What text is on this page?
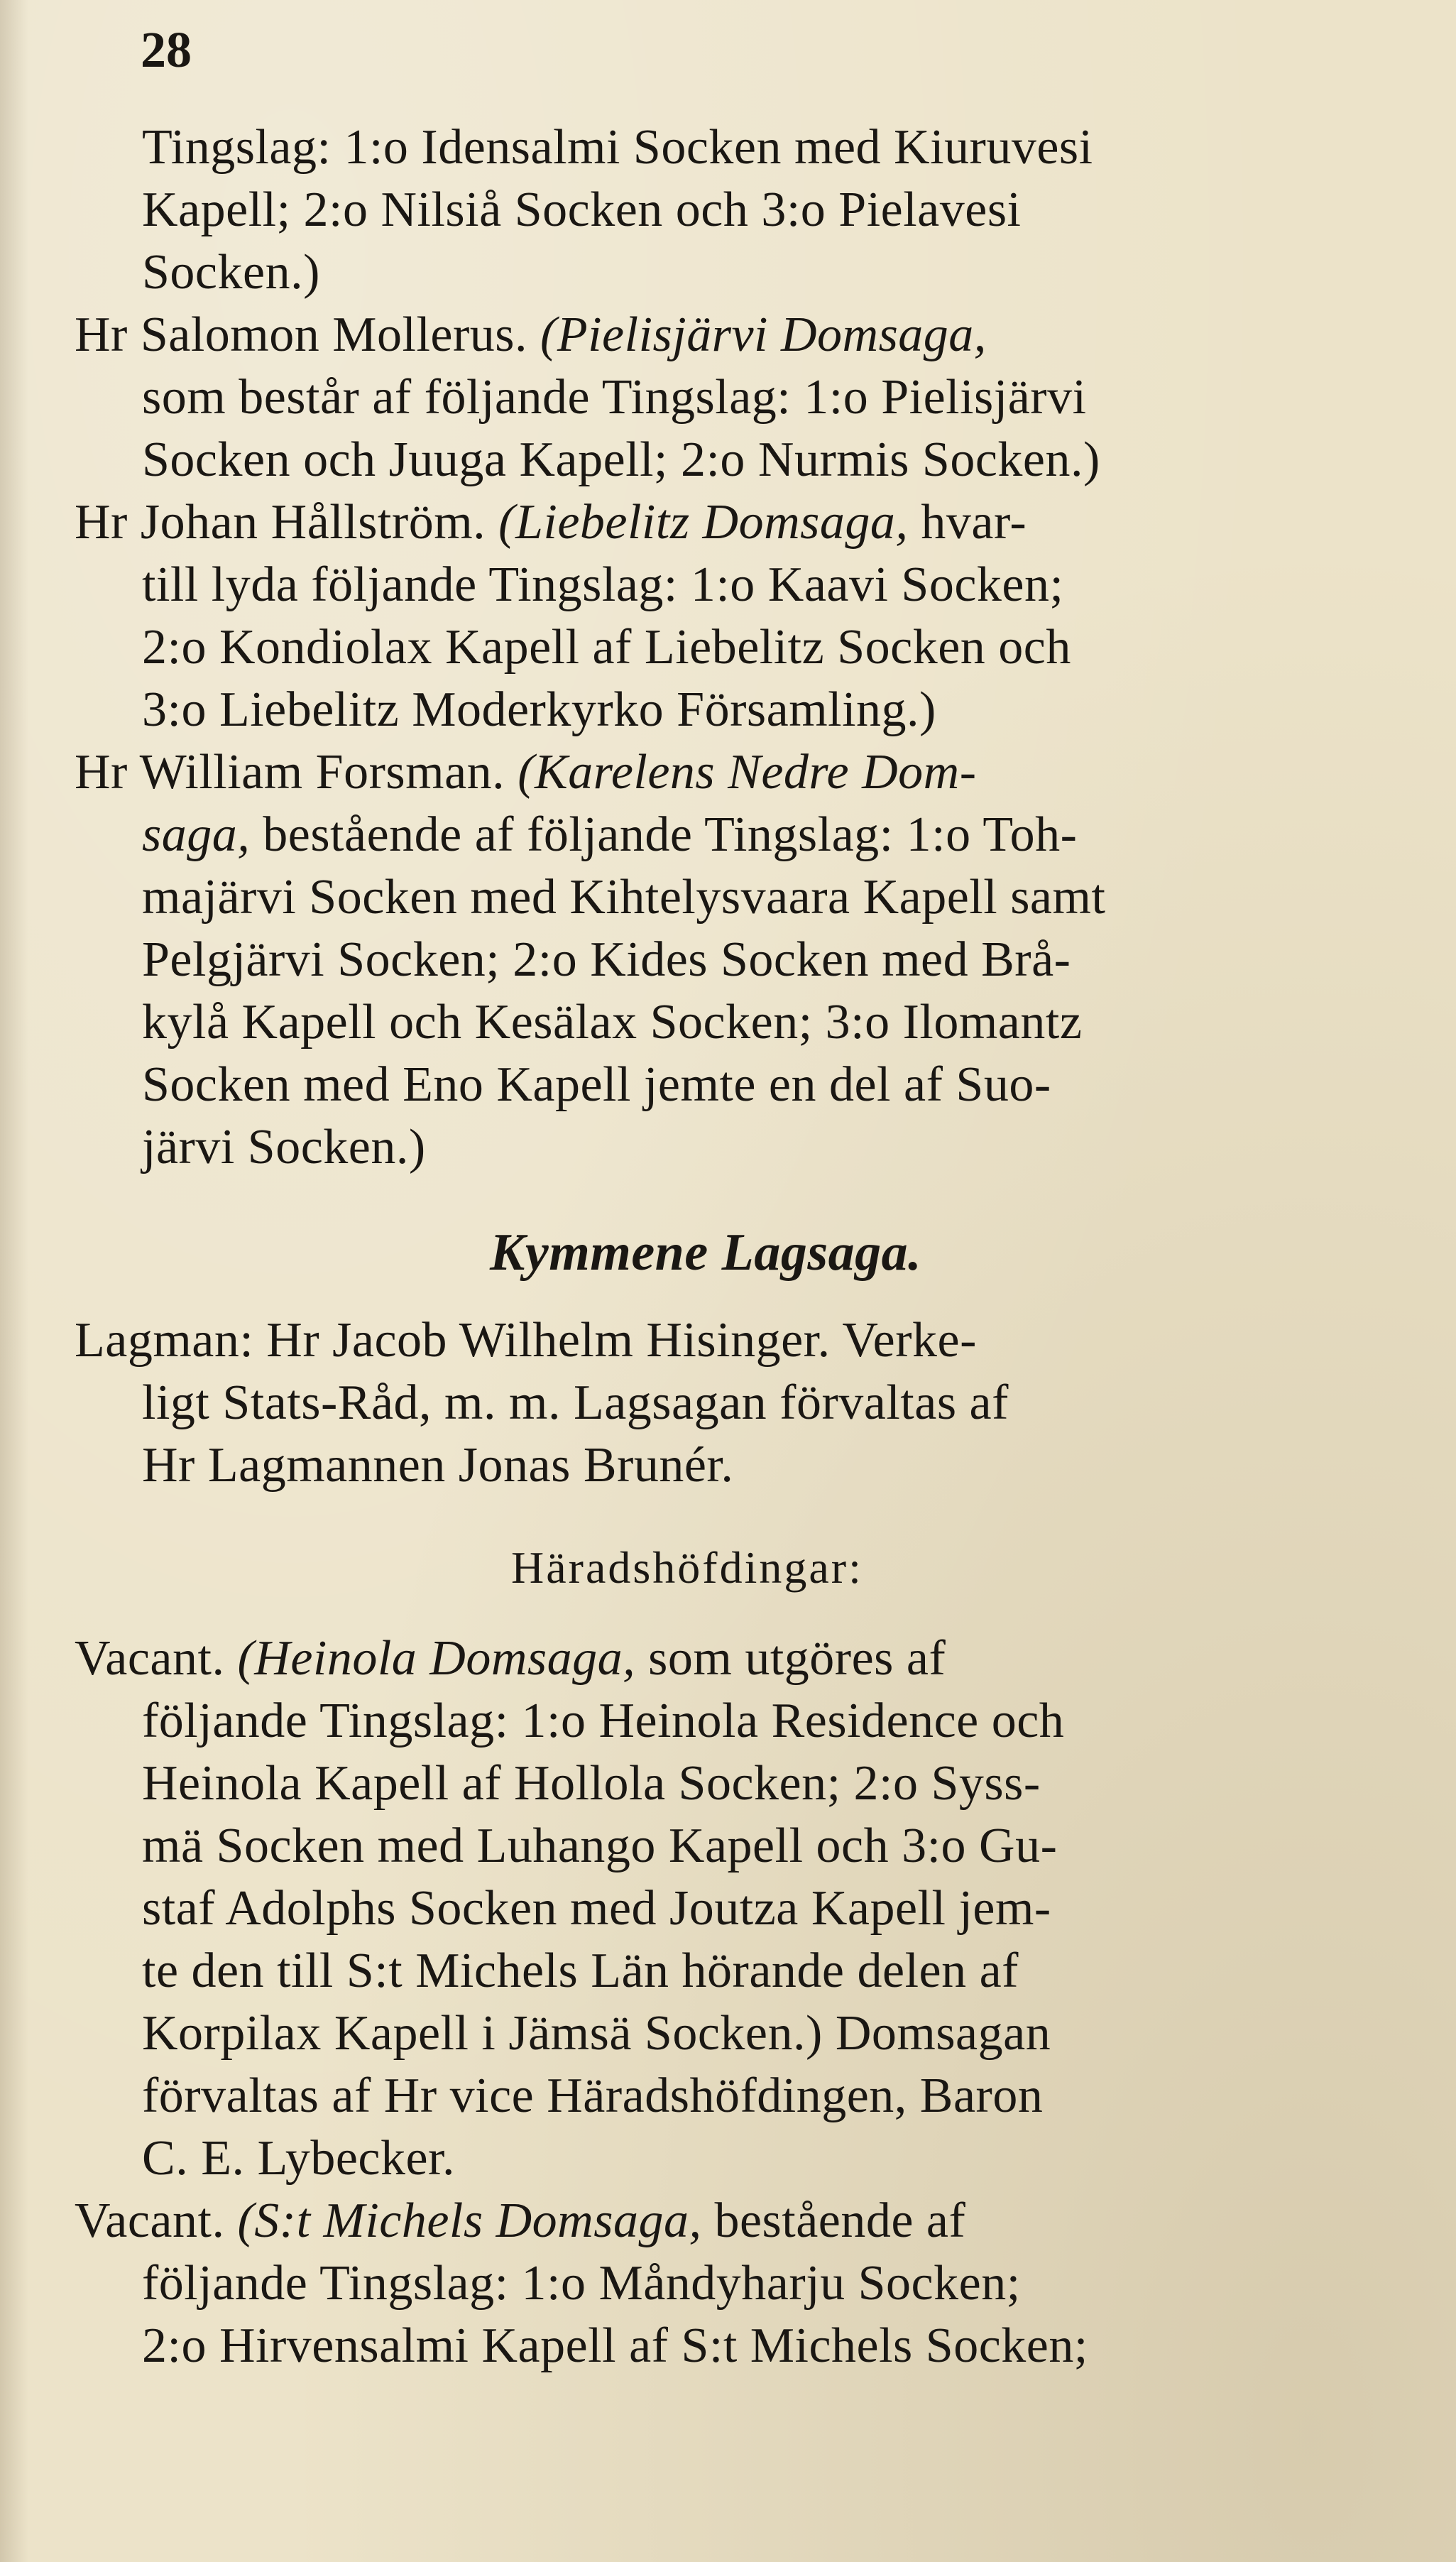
28
Tingslag: 1:o Idensalmi Socken med Kiuruvesi
Kapell; 2:o Nilsiå Socken och 3:o Pielavesi
Socken.)
Hr Salomon Mollerus. (Pielisjärvi Domsaga,
som består af följande Tingslag: 1:o Pielisjärvi
Socken och Juuga Kapell; 2:o Nurmis Socken.)
Hr Johan Hållström. (Liebelitz Domsaga, hvar-
till lyda följande Tingslag: 1:o Kaavi Socken;
2:o Kondiolax Kapell af Liebelitz Socken och
3:o Liebelitz Moderkyrko Församling.)
Hr William Forsman. (Karelens Nedre Dom-
saga, bestående af följande Tingslag: 1:o Toh-
majärvi Socken med Kihtelysvaara Kapell samt
Pelgjärvi Socken; 2:o Kides Socken med Brå-
kylå Kapell och Kesälax Socken; 3:o Ilomantz
Socken med Eno Kapell jemte en del af Suo-
järvi Socken.)
Kymmene Lagsaga.
Lagman: Hr Jacob Wilhelm Hisinger. Verke-
ligt Stats-Råd, m. m. Lagsagan förvaltas af
Hr Lagmannen Jonas Brunér.
Häradshöfdingar:
Vacant. (Heinola Domsaga, som utgöres af
följande Tingslag: 1:o Heinola Residence och
Heinola Kapell af Hollola Socken; 2:o Syss-
mä Socken med Luhango Kapell och 3:o Gu-
staf Adolphs Socken med Joutza Kapell jem-
te den till S:t Michels Län hörande delen af
Korpilax Kapell i Jämsä Socken.) Domsagan
förvaltas af Hr vice Häradshöfdingen, Baron
C. E. Lybecker.
Vacant. (S:t Michels Domsaga, bestående af
följande Tingslag: 1:o Måndyharju Socken;
2:o Hirvensalmi Kapell af S:t Michels Socken;
